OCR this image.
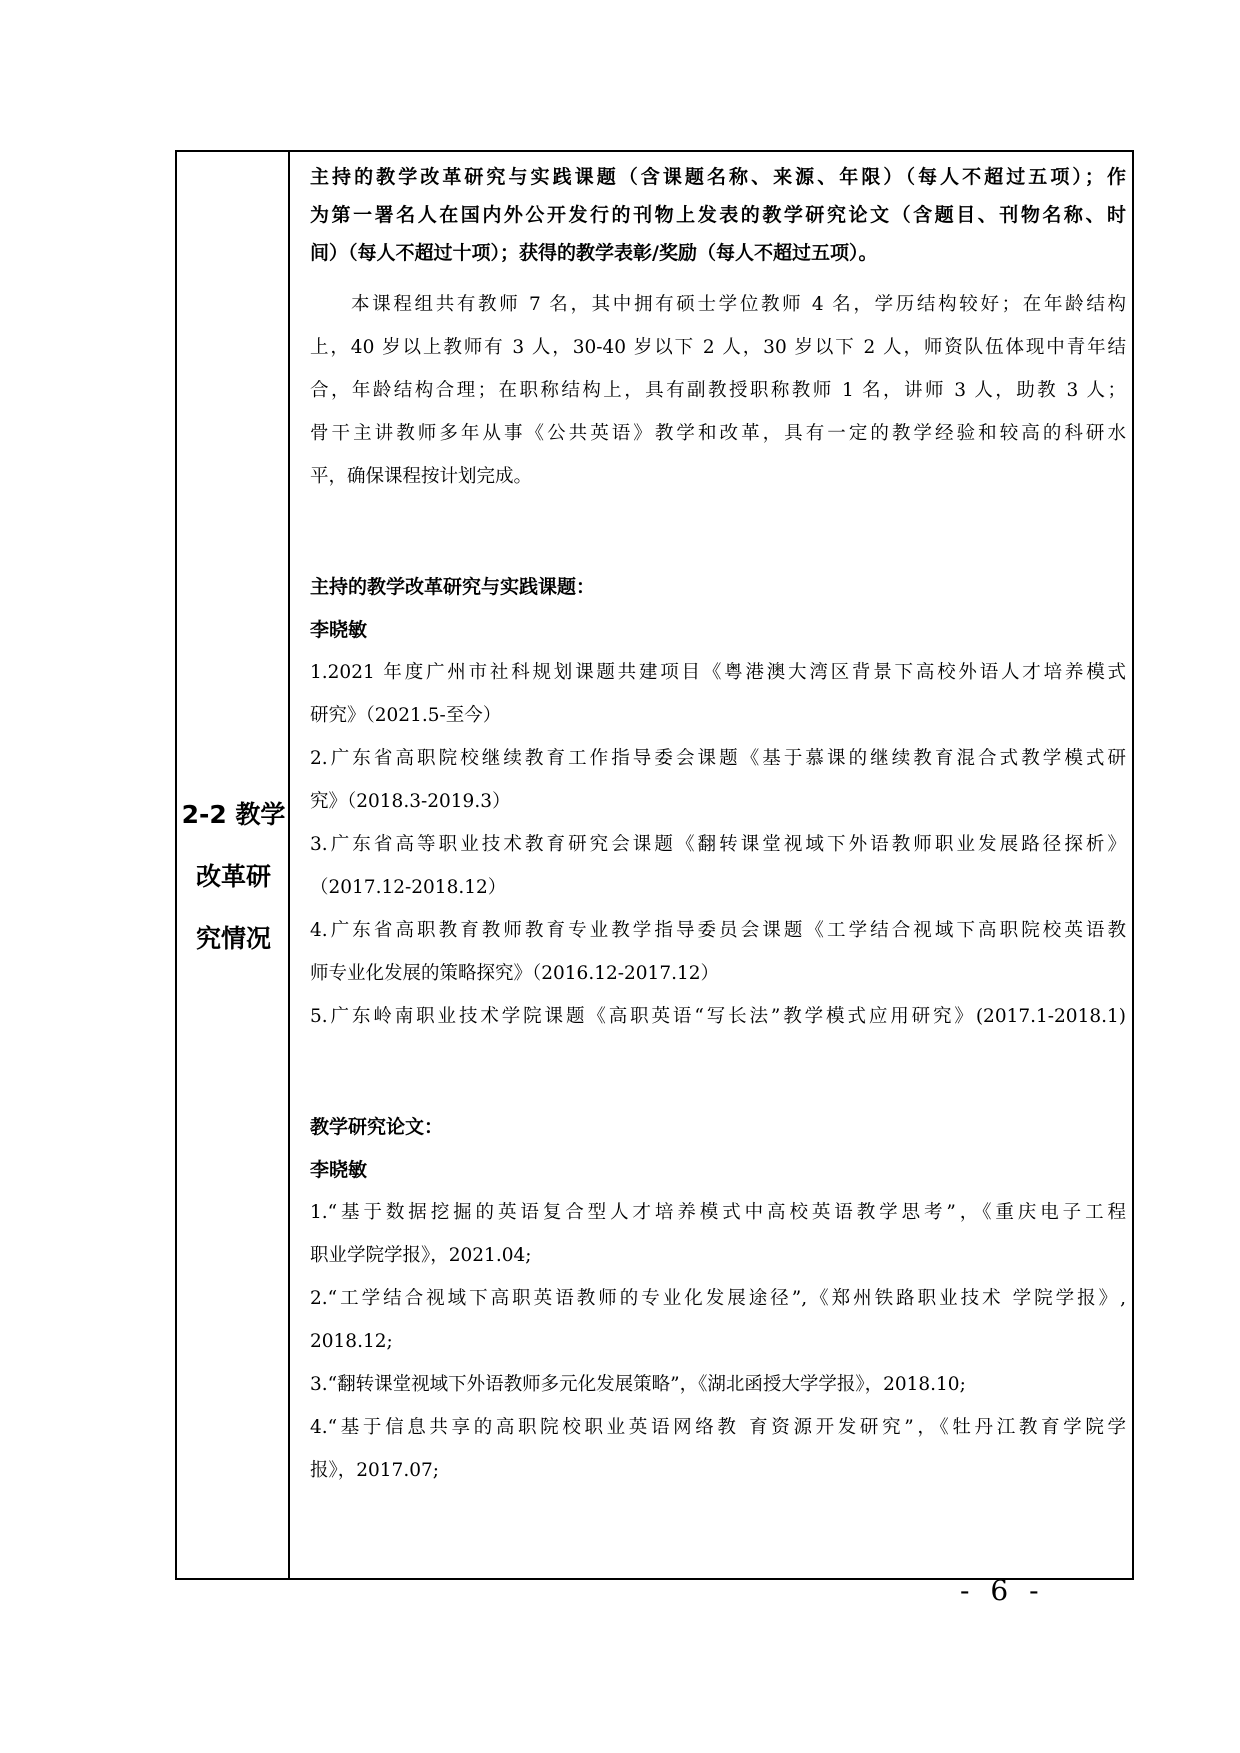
2-2 教学
改革研
究情况
主持的教学改革研究与实践课题（含课题名称、来源、年限）（每人不超过五项）；作
为第一署名人在国内外公开发行的刊物上发表的教学研究论文（含题目、刊物名称、时
间）（每人不超过十项）；获得的教学表彰/奖励（每人不超过五项）。
本课程组共有教师 7 名，其中拥有硕士学位教师 4 名，学历结构较好；在年龄结构
上，40 岁以上教师有 3 人，30-40 岁以下 2 人，30 岁以下 2 人，师资队伍体现中青年结
合，年龄结构合理；在职称结构上，具有副教授职称教师 1 名，讲师 3 人，助教 3 人；
骨干主讲教师多年从事《公共英语》教学和改革，具有一定的教学经验和较高的科研水
平，确保课程按计划完成。
主持的教学改革研究与实践课题：
李晓敏
1.2021 年度广州市社科规划课题共建项目《粤港澳大湾区背景下高校外语人才培养模式
研究》（2021.5-至今）
2.广东省高职院校继续教育工作指导委会课题《基于慕课的继续教育混合式教学模式研
究》（2018.3-2019.3）
3.广东省高等职业技术教育研究会课题《翻转课堂视域下外语教师职业发展路径探析》
（2017.12-2018.12）
4.广东省高职教育教师教育专业教学指导委员会课题《工学结合视域下高职院校英语教
师专业化发展的策略探究》（2016.12-2017.12）
5.广东岭南职业技术学院课题《高职英语“写长法”教学模式应用研究》(2017.1-2018.1)
教学研究论文：
李晓敏
1.“基于数据挖掘的英语复合型人才培养模式中高校英语教学思考”，《重庆电子工程
职业学院学报》，2021.04;
2.“工学结合视域下高职英语教师的专业化发展途径”,《郑州铁路职业技术 学院学报》,
2018.12;
3.“翻转课堂视域下外语教师多元化发展策略”，《湖北函授大学学报》，2018.10;
4.“基于信息共享的高职院校职业英语网络教 育资源开发研究”，《牡丹江教育学院学
报》，2017.07;
- 6 -
